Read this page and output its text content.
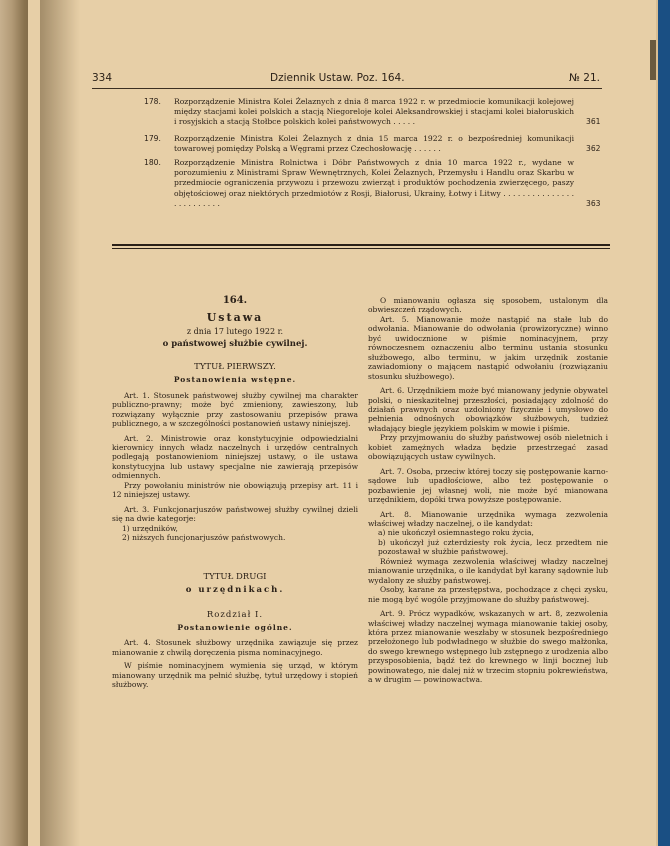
334	Dziennik Ustaw. Poz. 164.	№ 21.
178. Rozporządzenie Ministra Kolei Żelaznych z dnia 8 marca 1922 r. w przedmiocie komunikacji kolejowej między stacjami kolei polskich a stacją Niegoreloje kolei Aleksandrowskiej i stacjami kolei białoruskich i rosyjskich a stacją Stołbce polskich kolei państwowych . . . . .	361
179. Rozporządzenie Ministra Kolei Żelaznych z dnia 15 marca 1922 r. o bezpośredniej komunikacji towarowej pomiędzy Polską a Węgrami przez Czechosłowację . . . . . .	362
180. Rozporządzenie Ministra Rolnictwa i Dóbr Państwowych z dnia 10 marca 1922 r., wydane w porozumieniu z Ministrami Spraw Wewnętrznych, Kolei Żelaznych, Przemysłu i Handlu oraz Skarbu w przedmiocie ograniczenia przywozu i przewozu zwierząt i produktów pochodzenia zwierzęcego, paszy objętościowej oraz niektórych przedmiotów z Rosji, Białorusi, Ukrainy, Łotwy i Litwy . . . . . . . . . . . . . . . . . . . . . . . . .	363

164.

Ustawa

z dnia 17 lutego 1922 r.

o państwowej służbie cywilnej.

TYTUŁ PIERWSZY.

Postanowienia wstępne.

Art. 1. Stosunek państwowej służby cywilnej ma charakter publiczno-prawny; może być zmieniony, zawieszony, lub rozwiązany wyłącznie przy zastosowaniu przepisów prawa publicznego, a w szczególności postanowień ustawy niniejszej.

Art. 2. Ministrowie oraz konstytucyjnie odpowiedzialni kierownicy innych władz naczelnych i urzędów centralnych podlegają postanowieniom niniejszej ustawy, o ile ustawa konstytucyjna lub ustawy specjalne nie zawierają przepisów odmiennych.

Przy powołaniu ministrów nie obowiązują przepisy art. 11 i 12 niniejszej ustawy.

Art. 3. Funkcjonarjuszów państwowej służby cywilnej dzieli się na dwie kategorje:

1) urzędników,

2) niższych funcjonarjuszów państwowych.

TYTUŁ DRUGI

o urzędnikach.

Rozdział I.

Postanowienie ogólne.

Art. 4. Stosunek służbowy urzędnika zawiązuje się przez mianowanie z chwilą doręczenia pisma nominacyjnego.

W piśmie nominacyjnem wymienia się urząd, w którym mianowany urzędnik ma pełnić służbę, tytuł urzędowy i stopień służbowy.

O mianowaniu ogłasza się sposobem, ustalonym dla obwieszczeń rządowych.

Art. 5. Mianowanie może nastąpić na stałe lub do odwołania. Mianowanie do odwołania (prowizoryczne) winno być uwidocznione w piśmie nominacyjnem, przy równoczesnem oznaczeniu albo terminu ustania stosunku służbowego, albo terminu, w jakim urzędnik zostanie zawiadomiony o mającem nastąpić odwołaniu (rozwiązaniu stosunku służbowego).

Art. 6. Urzędnikiem może być mianowany jedynie obywatel polski, o nieskazitelnej przeszłości, posiadający zdolność do działań prawnych oraz uzdolniony fizycznie i umysłowo do pełnienia odnośnych obowiązków służbowych, tudzież władający biegle językiem polskim w mowie i piśmie.

Przy przyjmowaniu do służby państwowej osób nieletnich i kobiet zamężnych władza będzie przestrzegać zasad obowiązujących ustaw cywilnych.

Art. 7. Osoba, przeciw której toczy się postępowanie karno-sądowe lub upadłościowe, albo też postępowanie o pozbawienie jej własnej woli, nie może być mianowana urzędnikiem, dopóki trwa powyższe postępowanie.

Art. 8. Mianowanie urzędnika wymaga zezwolenia właściwej władzy naczelnej, o ile kandydat:

a) nie ukończył osiemnastego roku życia,

b) ukończył już czterdziesty rok życia, lecz przedtem nie pozostawał w służbie państwowej.

Również wymaga zezwolenia właściwej władzy naczelnej mianowanie urzędnika, o ile kandydat był karany sądownie lub wydalony ze służby państwowej.

Osoby, karane za przestępstwa, pochodzące z chęci zysku, nie mogą być wogóle przyjmowane do służby państwowej.

Art. 9. Prócz wypadków, wskazanych w art. 8, zezwolenia właściwej władzy naczelnej wymaga mianowanie takiej osoby, która przez mianowanie weszłaby w stosunek bezpośredniego przełożonego lub podwładnego w służbie do swego małżonka, do swego krewnego wstępnego lub zstępnego z urodzenia albo przysposobienia, bądź też do krewnego w linji bocznej lub powinowatego, nie dalej niż w trzecim stopniu pokrewieństwa, a w drugim — powinowactwa.
